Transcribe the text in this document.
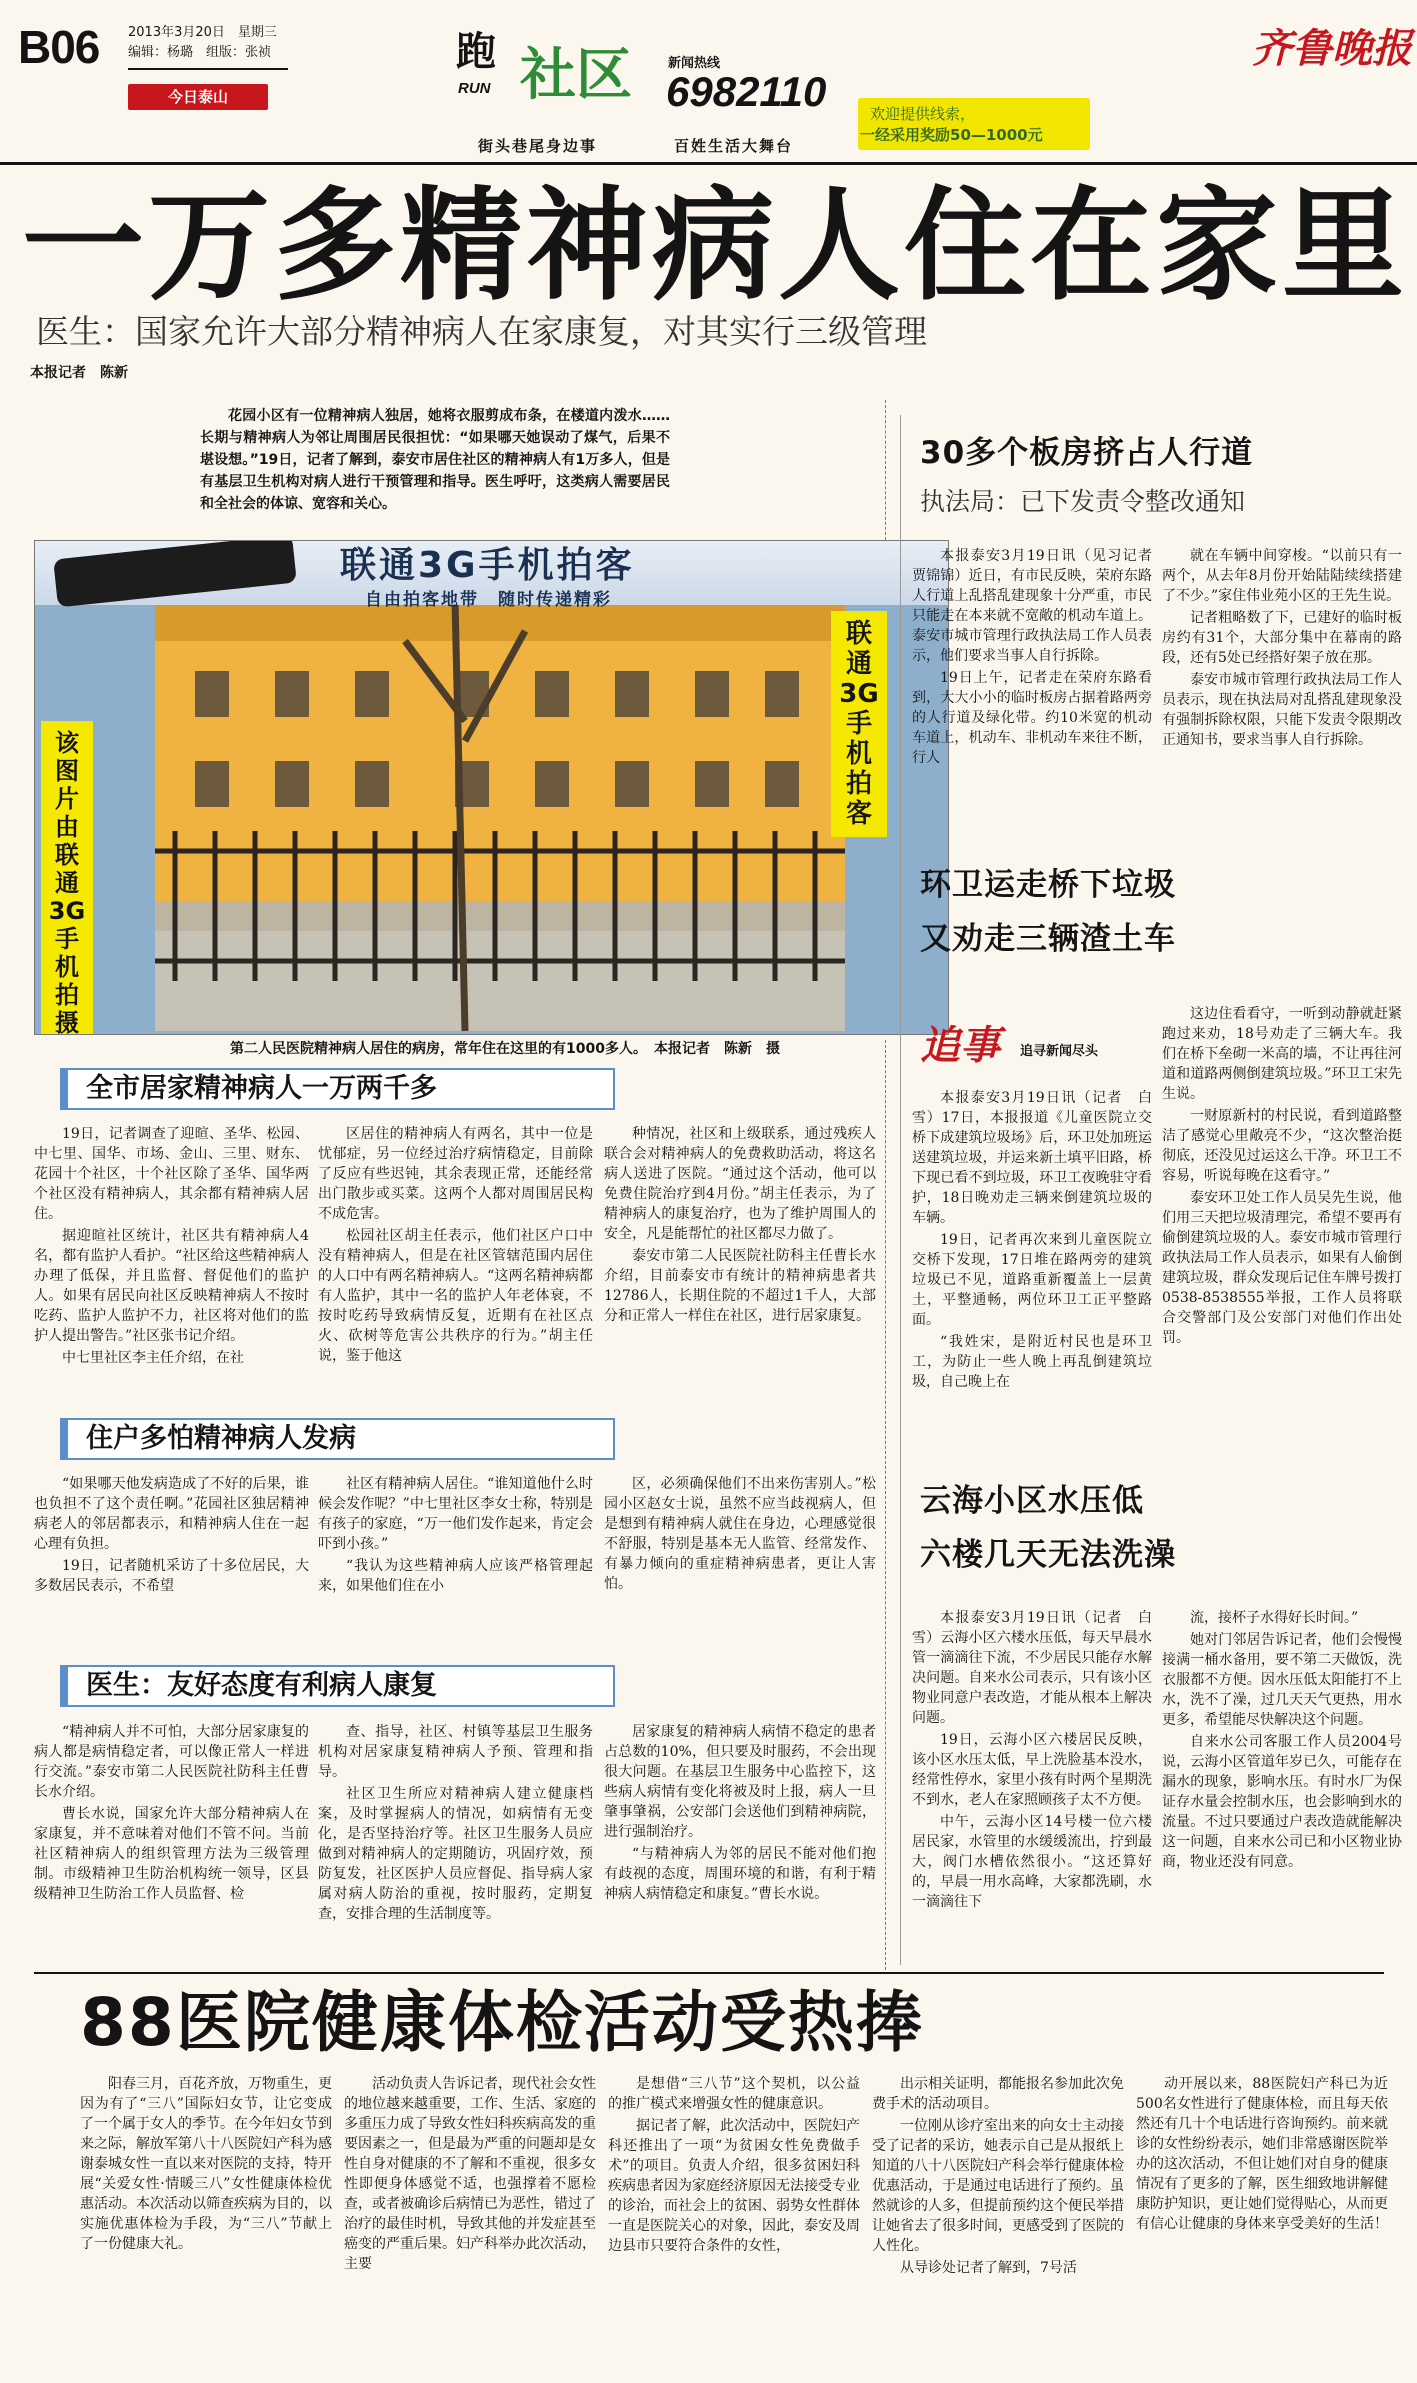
B06 2013年3月20日　星期三
编辑：杨璐　组版：张祯
今日泰山
跑
RUN 社区	新闻热线
6982110	欢迎提供线索，
一经采用奖励50—1000元
街头巷尾身边事	百姓生活大舞台
齐鲁晚报
一万多精神病人住在家里
医生：国家允许大部分精神病人在家康复，对其实行三级管理
本报记者　陈新

花园小区有一位精神病人独居，她将衣服剪成布条，在楼道内泼水……长期与精神病人为邻让周围居民很担忧：“如果哪天她误动了煤气，后果不堪设想。”19日，记者了解到，泰安市居住社区的精神病人有1万多人，但是有基层卫生机构对病人进行干预管理和指导。医生呼吁，这类病人需要居民和全社会的体谅、宽容和关心。

联通3G手机拍客
自由拍客地带　随时传递精彩
该图片由联通3G手机拍摄
联通3G手机拍客
第二人民医院精神病人居住的病房，常年住在这里的有1000多人。　本报记者　陈新　摄
全市居家精神病人一万两千多

19日，记者调查了迎暄、圣华、松园、中七里、国华、市场、金山、三里、财东、花园十个社区，十个社区除了圣华、国华两个社区没有精神病人，其余都有精神病人居住。

据迎暄社区统计，社区共有精神病人4名，都有监护人看护。“社区给这些精神病人办理了低保，并且监督、督促他们的监护人。如果有居民向社区反映精神病人不按时吃药、监护人监护不力，社区将对他们的监护人提出警告。”社区张书记介绍。

中七里社区李主任介绍，在社

区居住的精神病人有两名，其中一位是忧郁症，另一位经过治疗病情稳定，目前除了反应有些迟钝，其余表现正常，还能经常出门散步或买菜。这两个人都对周围居民构不成危害。

松园社区胡主任表示，他们社区户口中没有精神病人，但是在社区管辖范围内居住的人口中有两名精神病人。“这两名精神病都有人监护，其中一名的监护人年老体衰，不按时吃药导致病情反复，近期有在社区点火、砍树等危害公共秩序的行为。”胡主任说，鉴于他这

种情况，社区和上级联系，通过残疾人联合会对精神病人的免费救助活动，将这名病人送进了医院。“通过这个活动，他可以免费住院治疗到4月份。”胡主任表示，为了精神病人的康复治疗，也为了维护周围人的安全，凡是能帮忙的社区都尽力做了。

泰安市第二人民医院社防科主任曹长水介绍，目前泰安市有统计的精神病患者共12786人，长期住院的不超过1千人，大部分和正常人一样住在社区，进行居家康复。

住户多怕精神病人发病

“如果哪天他发病造成了不好的后果，谁也负担不了这个责任啊。”花园社区独居精神病老人的邻居都表示，和精神病人住在一起心理有负担。

19日，记者随机采访了十多位居民，大多数居民表示，不希望

社区有精神病人居住。“谁知道他什么时候会发作呢？”中七里社区李女士称，特别是有孩子的家庭，“万一他们发作起来，肯定会吓到小孩。”

“我认为这些精神病人应该严格管理起来，如果他们住在小

区，必须确保他们不出来伤害别人。”松园小区赵女士说，虽然不应当歧视病人，但是想到有精神病人就住在身边，心理感觉很不舒服，特别是基本无人监管、经常发作、有暴力倾向的重症精神病患者，更让人害怕。

医生：友好态度有利病人康复

“精神病人并不可怕，大部分居家康复的病人都是病情稳定者，可以像正常人一样进行交流。”泰安市第二人民医院社防科主任曹长水介绍。

曹长水说，国家允许大部分精神病人在家康复，并不意味着对他们不管不问。当前社区精神病人的组织管理方法为三级管理制。市级精神卫生防治机构统一领导，区县级精神卫生防治工作人员监督、检

查、指导，社区、村镇等基层卫生服务机构对居家康复精神病人予预、管理和指导。

社区卫生所应对精神病人建立健康档案，及时掌握病人的情况，如病情有无变化，是否坚持治疗等。社区卫生服务人员应做到对精神病人的定期随访，巩固疗效，预防复发，社区医护人员应督促、指导病人家属对病人防治的重视，按时服药，定期复查，安排合理的生活制度等。

居家康复的精神病人病情不稳定的患者占总数的10%，但只要及时服药，不会出现很大问题。在基层卫生服务中心监控下，这些病人病情有变化将被及时上报，病人一旦肇事肇祸，公安部门会送他们到精神病院，进行强制治疗。

“与精神病人为邻的居民不能对他们抱有歧视的态度，周围环境的和谐，有利于精神病人病情稳定和康复。”曹长水说。

30多个板房挤占人行道
执法局：已下发责令整改通知

本报泰安3月19日讯（见习记者　贾锦锦）近日，有市民反映，荣府东路人行道上乱搭乱建现象十分严重，市民只能走在本来就不宽敞的机动车道上。泰安市城市管理行政执法局工作人员表示，他们要求当事人自行拆除。

19日上午，记者走在荣府东路看到，大大小小的临时板房占据着路两旁的人行道及绿化带。约10米宽的机动车道上，机动车、非机动车来往不断，行人

就在车辆中间穿梭。“以前只有一两个，从去年8月份开始陆陆续续搭建了不少。”家住伟业苑小区的王先生说。

记者粗略数了下，已建好的临时板房约有31个，大部分集中在幕南的路段，还有5处已经搭好架子放在那。

泰安市城市管理行政执法局工作人员表示，现在执法局对乱搭乱建现象没有强制拆除权限，只能下发责令限期改正通知书，要求当事人自行拆除。

环卫运走桥下垃圾
又劝走三辆渣土车
追事 追寻新闻尽头

本报泰安3月19日讯（记者　白雪）17日，本报报道《儿童医院立交桥下成建筑垃圾场》后，环卫处加班运送建筑垃圾，并运来新土填平旧路，桥下现已看不到垃圾，环卫工夜晚驻守看护，18日晚劝走三辆来倒建筑垃圾的车辆。

19日，记者再次来到儿童医院立交桥下发现，17日堆在路两旁的建筑垃圾已不见，道路重新覆盖上一层黄土，平整通畅，两位环卫工正平整路面。

“我姓宋，是附近村民也是环卫工，为防止一些人晚上再乱倒建筑垃圾，自己晚上在

这边住看看守，一听到动静就赶紧跑过来劝，18号劝走了三辆大车。我们在桥下垒砌一米高的墙，不让再往河道和道路两侧倒建筑垃圾。”环卫工宋先生说。

一财原新村的村民说，看到道路整洁了感觉心里敞亮不少，“这次整治挺彻底，还没见过运这么干净。环卫工不容易，听说每晚在这看守。”

泰安环卫处工作人员吴先生说，他们用三天把垃圾清理完，希望不要再有偷倒建筑垃圾的人。泰安市城市管理行政执法局工作人员表示，如果有人偷倒建筑垃圾，群众发现后记住车牌号拨打0538-8538555举报，工作人员将联合交警部门及公安部门对他们作出处罚。

云海小区水压低
六楼几天无法洗澡

本报泰安3月19日讯（记者　白雪）云海小区六楼水压低，每天早晨水管一滴滴往下流，不少居民只能存水解决问题。自来水公司表示，只有该小区物业同意户表改造，才能从根本上解决问题。

19日，云海小区六楼居民反映，该小区水压太低，早上洗脸基本没水，经常性停水，家里小孩有时两个星期洗不到水，老人在家照顾孩子太不方便。

中午，云海小区14号楼一位六楼居民家，水管里的水缓缓流出，拧到最大，阀门水槽依然很小。“这还算好的，早晨一用水高峰，大家都洗刷，水一滴滴往下

流，接杯子水得好长时间。”

她对门邻居告诉记者，他们会慢慢接满一桶水备用，要不第二天做饭，洗衣服都不方便。因水压低太阳能打不上水，洗不了澡，过几天天气更热，用水更多，希望能尽快解决这个问题。

自来水公司客服工作人员2004号说，云海小区管道年岁已久，可能存在漏水的现象，影响水压。有时水厂为保证存水量会控制水压，也会影响到水的流量。不过只要通过户表改造就能解决这一问题，自来水公司已和小区物业协商，物业还没有同意。

88医院健康体检活动受热捧

阳春三月，百花齐放，万物重生，更因为有了“三八”国际妇女节，让它变成了一个属于女人的季节。在今年妇女节到来之际，解放军第八十八医院妇产科为感谢泰城女性一直以来对医院的支持，特开展“关爱女性·情暖三八”女性健康体检优惠活动。本次活动以筛查疾病为目的，以实施优惠体检为手段，为“三八”节献上了一份健康大礼。

活动负责人告诉记者，现代社会女性的地位越来越重要，工作、生活、家庭的多重压力成了导致女性妇科疾病高发的重要因素之一，但是最为严重的问题却是女性自身对健康的不了解和不重视，很多女性即便身体感觉不适，也强撑着不愿检查，或者被确诊后病情已为恶性，错过了治疗的最佳时机，导致其他的并发症甚至癌变的严重后果。妇产科举办此次活动，主要

是想借“三八节”这个契机，以公益的推广模式来增强女性的健康意识。

据记者了解，此次活动中，医院妇产科还推出了一项“为贫困女性免费做手术”的项目。负责人介绍，很多贫困妇科疾病患者因为家庭经济原因无法接受专业的诊治，而社会上的贫困、弱势女性群体一直是医院关心的对象，因此，泰安及周边县市只要符合条件的女性，

出示相关证明，都能报名参加此次免费手术的活动项目。

一位刚从诊疗室出来的向女士主动接受了记者的采访，她表示自己是从报纸上知道的八十八医院妇产科会举行健康体检优惠活动，于是通过电话进行了预约。虽然就诊的人多，但提前预约这个便民举措让她省去了很多时间，更感受到了医院的人性化。

从导诊处记者了解到，7号活

动开展以来，88医院妇产科已为近500名女性进行了健康体检，而且每天依然还有几十个电话进行咨询预约。前来就诊的女性纷纷表示，她们非常感谢医院举办的这次活动，不但让她们对自身的健康情况有了更多的了解，医生细致地讲解健康防护知识，更让她们觉得贴心，从而更有信心让健康的身体来享受美好的生活！
